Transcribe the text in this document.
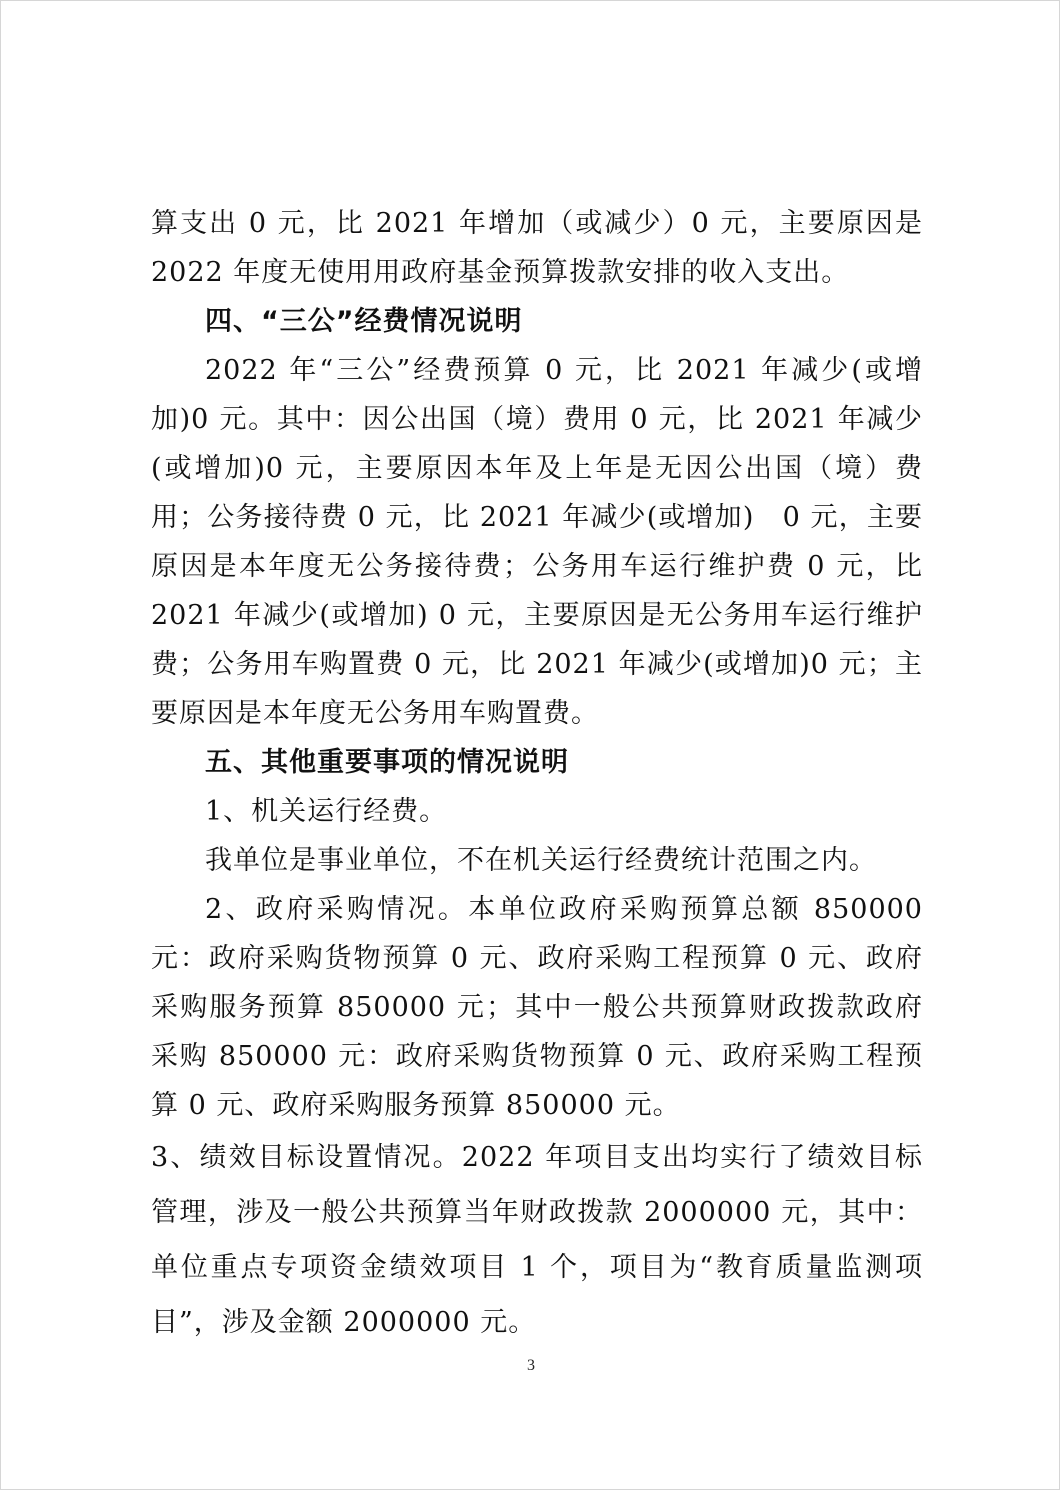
算支出 0 元，比 2021 年增加（或减少）0 元，主要原因是 2022 年度无使用用政府基金预算拨款安排的收入支出。

四、“三公”经费情况说明

2022 年“三公”经费预算 0 元，比 2021 年减少(或增加)0 元。其中：因公出国（境）费用 0 元，比 2021 年减少(或增加)0 元，主要原因本年及上年是无因公出国（境）费用；公务接待费 0 元，比 2021 年减少(或增加)　0 元，主要原因是本年度无公务接待费；公务用车运行维护费 0 元，比 2021 年减少(或增加) 0 元，主要原因是无公务用车运行维护费；公务用车购置费 0 元，比 2021 年减少(或增加)0 元；主要原因是本年度无公务用车购置费。

五、其他重要事项的情况说明

1、机关运行经费。

我单位是事业单位，不在机关运行经费统计范围之内。

2、政府采购情况。本单位政府采购预算总额 850000 元：政府采购货物预算 0 元、政府采购工程预算 0 元、政府采购服务预算 850000 元；其中一般公共预算财政拨款政府采购 850000 元：政府采购货物预算 0 元、政府采购工程预算 0 元、政府采购服务预算 850000 元。

3、绩效目标设置情况。2022 年项目支出均实行了绩效目标管理，涉及一般公共预算当年财政拨款 2000000 元，其中：单位重点专项资金绩效项目 1 个，项目为“教育质量监测项目”，涉及金额 2000000 元。

3
